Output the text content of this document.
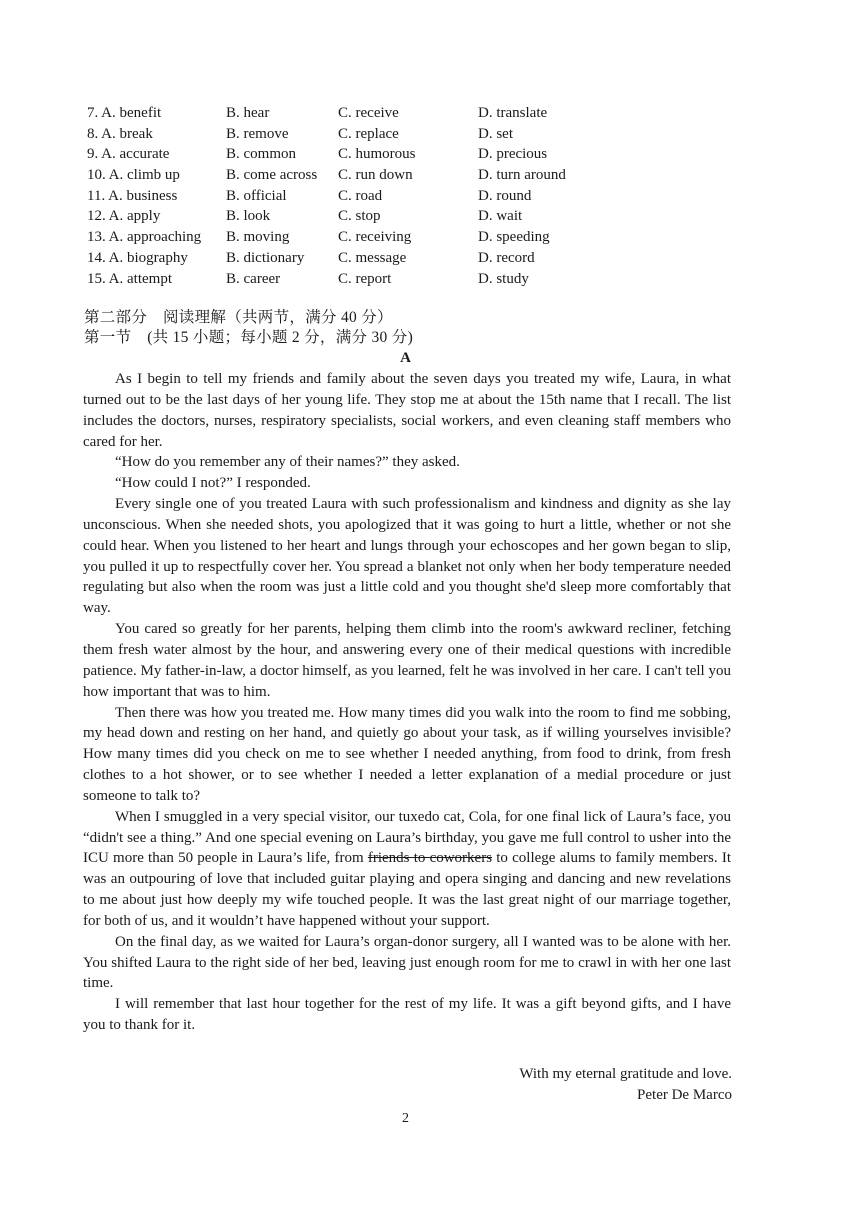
7. A. benefit	B. hear	C. receive	D. translate
8. A. break	B. remove	C. replace	D. set
9. A. accurate	B. common	C. humorous	D. precious
10. A. climb up	B. come across	C. run down	D. turn around
11. A. business	B. official	C. road	D. round
12. A. apply	B. look	C. stop	D. wait
13. A. approaching	B. moving	C. receiving	D. speeding
14. A. biography	B. dictionary	C. message	D. record
15. A. attempt	B. career	C. report	D. study
第二部分　阅读理解（共两节，满分 40 分）
第一节　(共 15 小题；每小题 2 分，满分 30 分)
A

As I begin to tell my friends and family about the seven days you treated my wife, Laura, in what turned out to be the last days of her young life. They stop me at about the 15th name that I recall. The list includes the doctors, nurses, respiratory specialists, social workers, and even cleaning staff members who cared for her.

“How do you remember any of their names?” they asked.

“How could I not?” I responded.

Every single one of you treated Laura with such professionalism and kindness and dignity as she lay unconscious. When she needed shots, you apologized that it was going to hurt a little, whether or not she could hear. When you listened to her heart and lungs through your echoscopes and her gown began to slip, you pulled it up to respectfully cover her. You spread a blanket not only when her body temperature needed regulating but also when the room was just a little cold and you thought she'd sleep more comfortably that way.

You cared so greatly for her parents, helping them climb into the room's awkward recliner, fetching them fresh water almost by the hour, and answering every one of their medical questions with incredible patience. My father-in-law, a doctor himself, as you learned, felt he was involved in her care. I can't tell you how important that was to him.

Then there was how you treated me. How many times did you walk into the room to find me sobbing, my head down and resting on her hand, and quietly go about your task, as if willing yourselves invisible? How many times did you check on me to see whether I needed anything, from food to drink, from fresh clothes to a hot shower, or to see whether I needed a letter explanation of a medial procedure or just someone to talk to?

When I smuggled in a very special visitor, our tuxedo cat, Cola, for one final lick of Laura’s face, you “didn't see a thing.” And one special evening on Laura’s birthday, you gave me full control to usher into the ICU more than 50 people in Laura’s life, from friends to coworkers to college alums to family members. It was an outpouring of love that included guitar playing and opera singing and dancing and new revelations to me about just how deeply my wife touched people. It was the last great night of our marriage together, for both of us, and it wouldn’t have happened without your support.

On the final day, as we waited for Laura’s organ-donor surgery, all I wanted was to be alone with her. You shifted Laura to the right side of her bed, leaving just enough room for me to crawl in with her one last time.

I will remember that last hour together for the rest of my life. It was a gift beyond gifts, and I have you to thank for it.

With my eternal gratitude and love.
Peter De Marco
2
